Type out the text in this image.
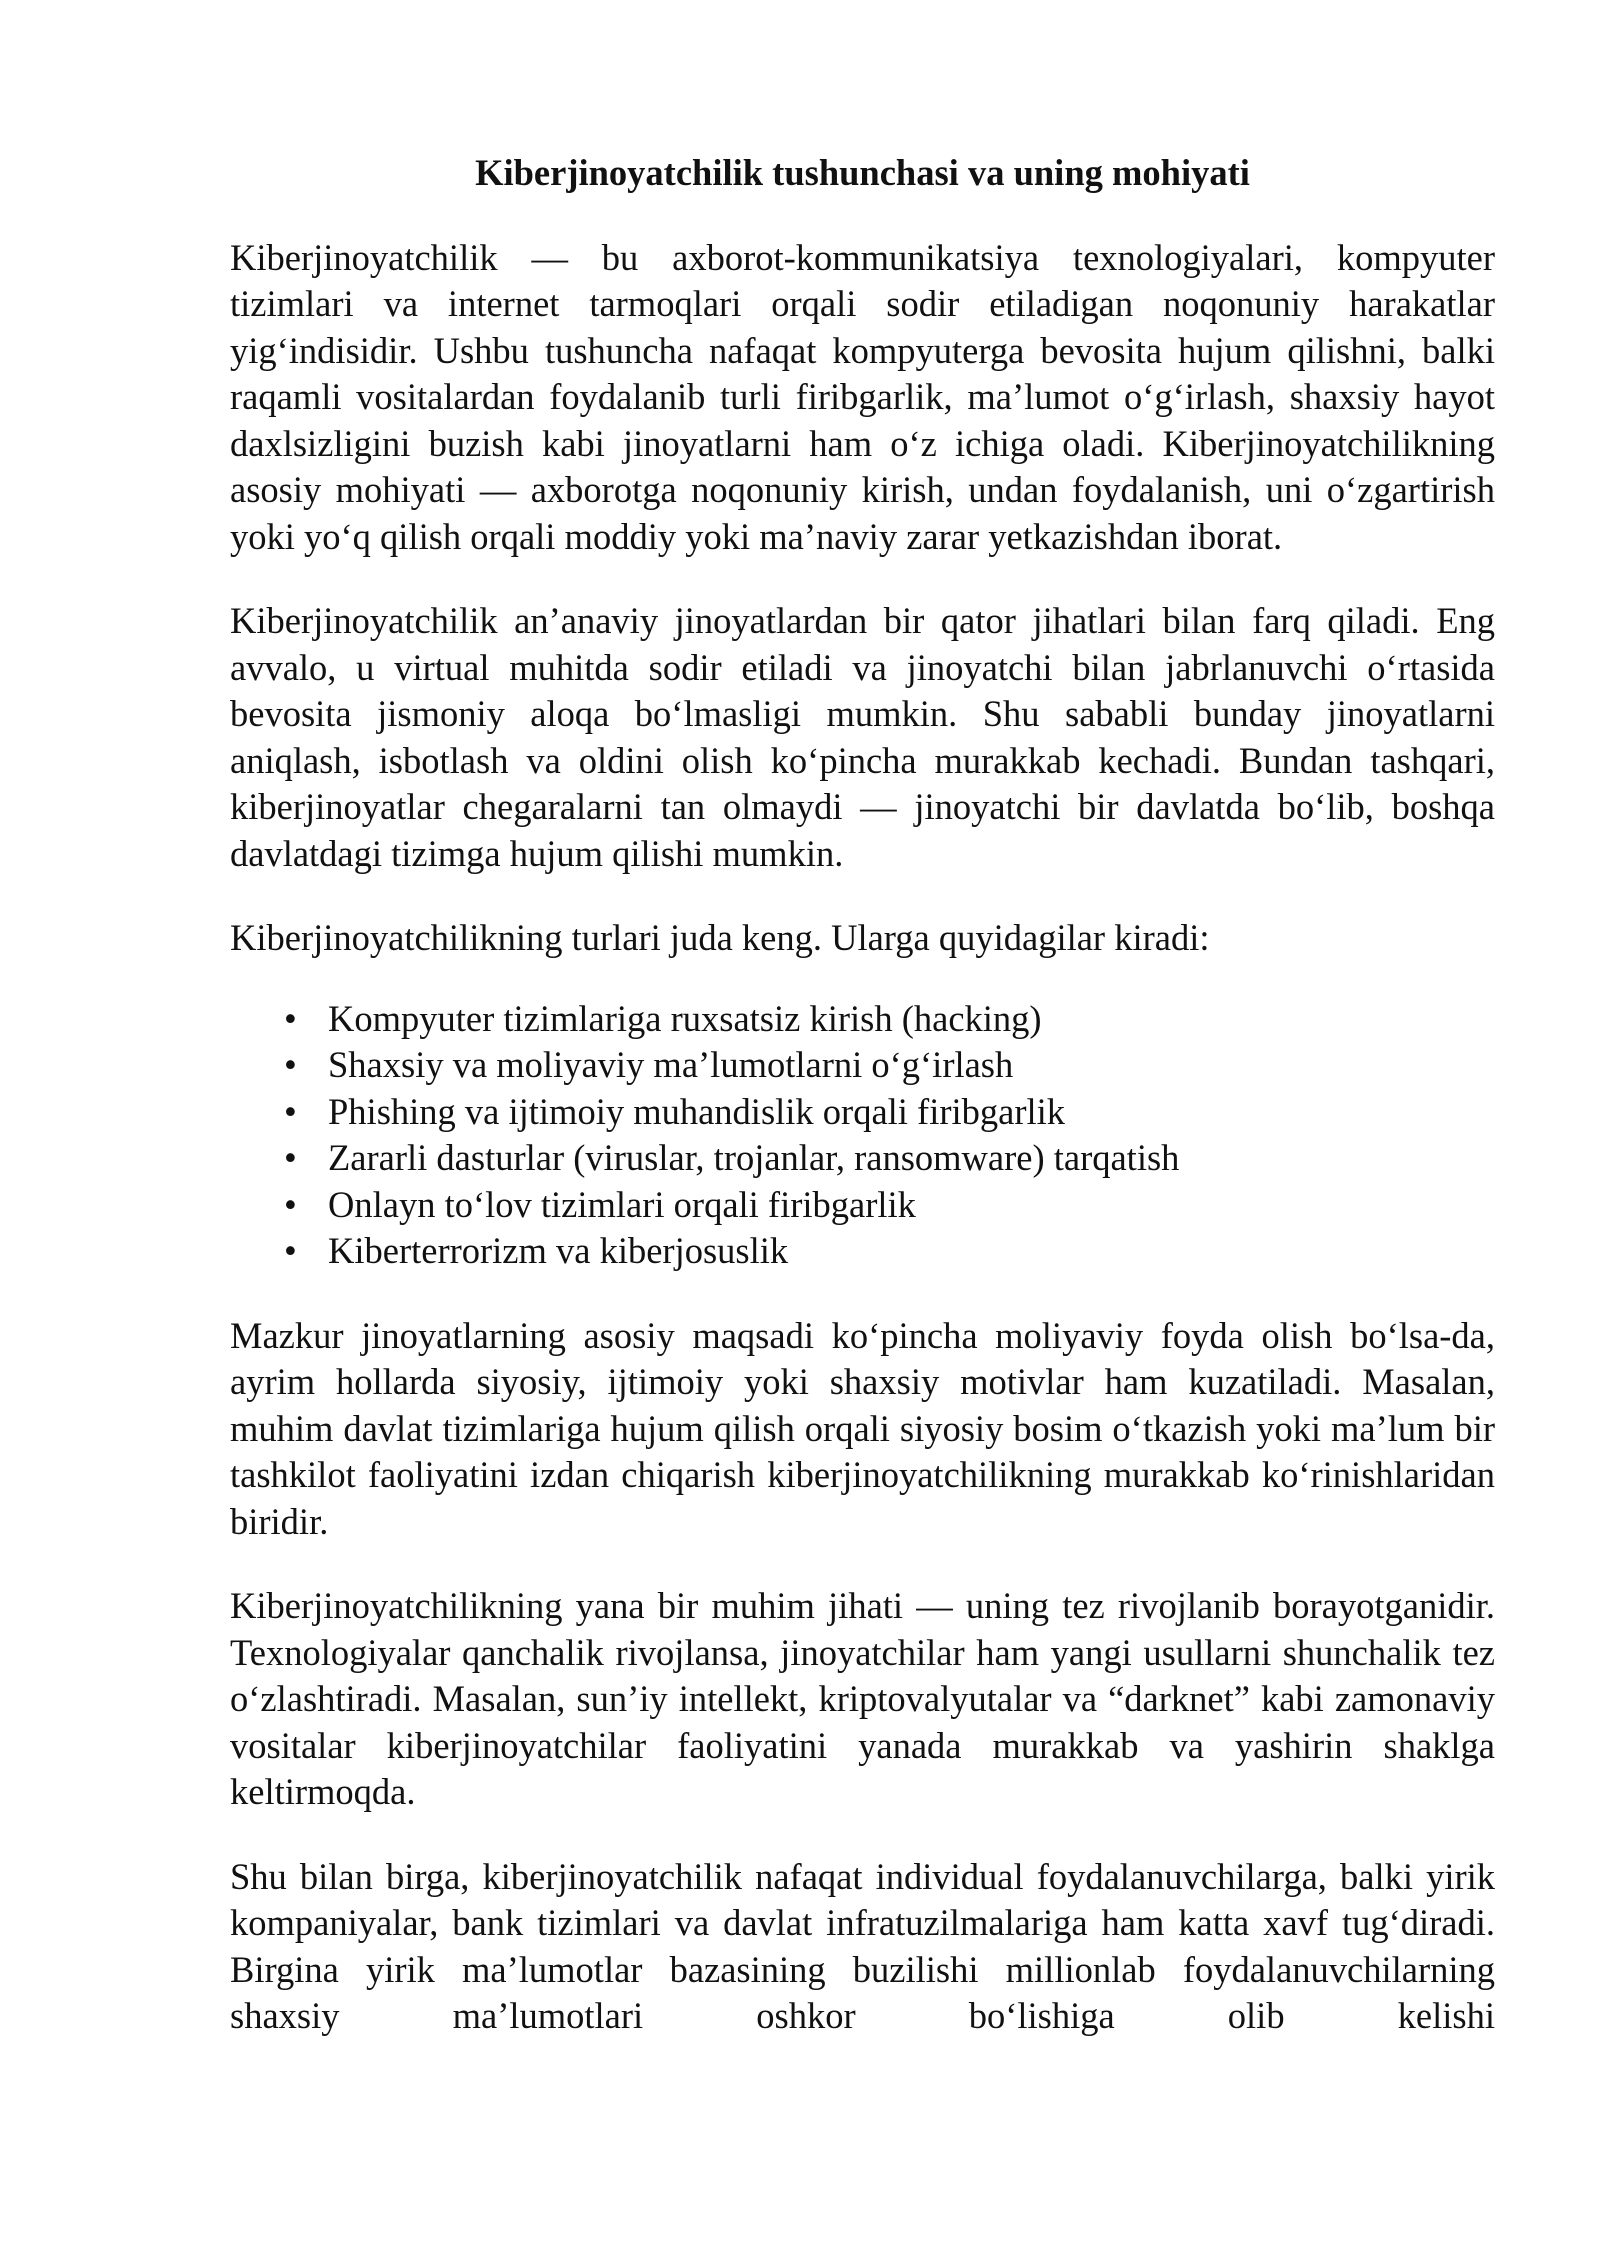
Kiberjinoyatchilik tushunchasi va uning mohiyati

Kiberjinoyatchilik — bu axborot-kommunikatsiya texnologiyalari, kompyuter tizimlari va internet tarmoqlari orqali sodir etiladigan noqonuniy harakatlar yig‘indisidir. Ushbu tushuncha nafaqat kompyuterga bevosita hujum qilishni, balki raqamli vositalardan foydalanib turli firibgarlik, ma’lumot o‘g‘irlash, shaxsiy hayot daxlsizligini buzish kabi jinoyatlarni ham o‘z ichiga oladi. Kiberjinoyatchilikning asosiy mohiyati — axborotga noqonuniy kirish, undan foydalanish, uni o‘zgartirish yoki yo‘q qilish orqali moddiy yoki ma’naviy zarar yetkazishdan iborat.

Kiberjinoyatchilik an’anaviy jinoyatlardan bir qator jihatlari bilan farq qiladi. Eng avvalo, u virtual muhitda sodir etiladi va jinoyatchi bilan jabrlanuvchi o‘rtasida bevosita jismoniy aloqa bo‘lmasligi mumkin. Shu sababli bunday jinoyatlarni aniqlash, isbotlash va oldini olish ko‘pincha murakkab kechadi. Bundan tashqari, kiberjinoyatlar chegaralarni tan olmaydi — jinoyatchi bir davlatda bo‘lib, boshqa davlatdagi tizimga hujum qilishi mumkin.

Kiberjinoyatchilikning turlari juda keng. Ularga quyidagilar kiradi:

• Kompyuter tizimlariga ruxsatsiz kirish (hacking)
• Shaxsiy va moliyaviy ma’lumotlarni o‘g‘irlash
• Phishing va ijtimoiy muhandislik orqali firibgarlik
• Zararli dasturlar (viruslar, trojanlar, ransomware) tarqatish
• Onlayn to‘lov tizimlari orqali firibgarlik
• Kiberterrorizm va kiberjosuslik

Mazkur jinoyatlarning asosiy maqsadi ko‘pincha moliyaviy foyda olish bo‘lsa-da, ayrim hollarda siyosiy, ijtimoiy yoki shaxsiy motivlar ham kuzatiladi. Masalan, muhim davlat tizimlariga hujum qilish orqali siyosiy bosim o‘tkazish yoki ma’lum bir tashkilot faoliyatini izdan chiqarish kiberjinoyatchilikning murakkab ko‘rinishlaridan biridir.

Kiberjinoyatchilikning yana bir muhim jihati — uning tez rivojlanib borayotganidir. Texnologiyalar qanchalik rivojlansa, jinoyatchilar ham yangi usullarni shunchalik tez o‘zlashtiradi. Masalan, sun’iy intellekt, kriptovalyutalar va “darknet” kabi zamonaviy vositalar kiberjinoyatchilar faoliyatini yanada murakkab va yashirin shaklga keltirmoqda.

Shu bilan birga, kiberjinoyatchilik nafaqat individual foydalanuvchilarga, balki yirik kompaniyalar, bank tizimlari va davlat infratuzilmalariga ham katta xavf tug‘diradi. Birgina yirik ma’lumotlar bazasining buzilishi millionlab foydalanuvchilarning shaxsiy ma’lumotlari oshkor bo‘lishiga olib kelishi
